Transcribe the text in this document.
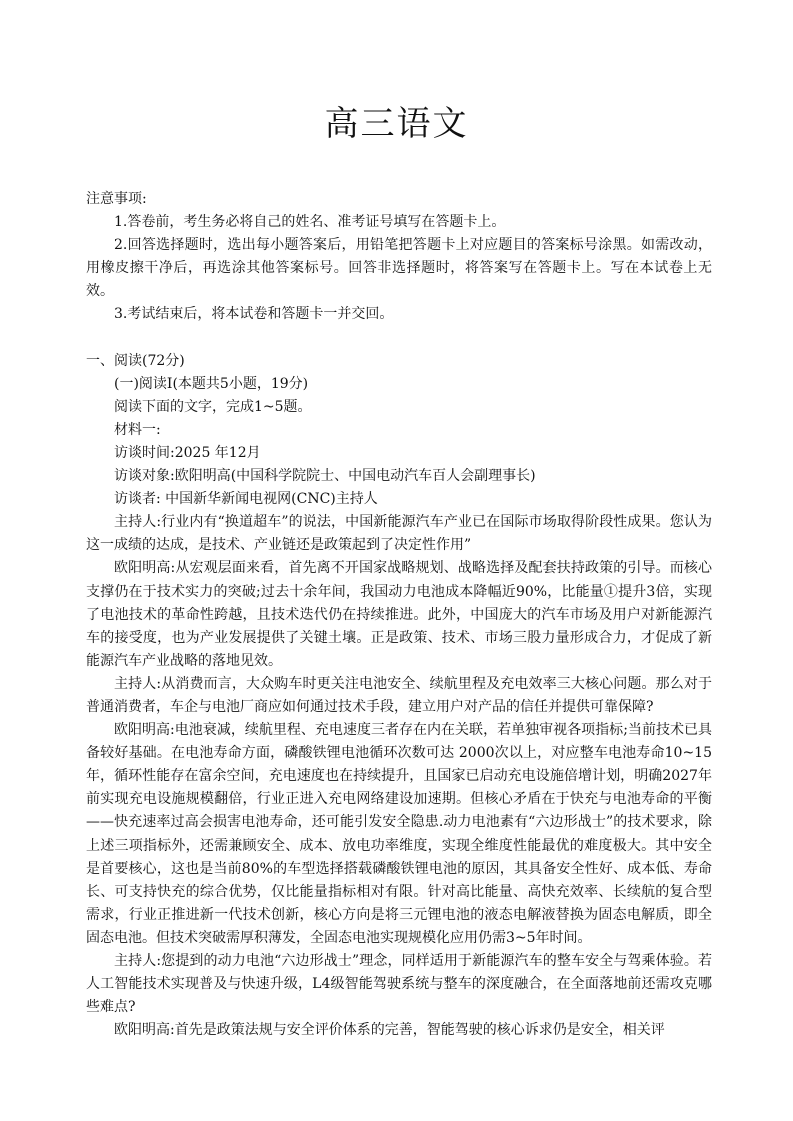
高三语文

注意事项:

1.答卷前，考生务必将自己的姓名、准考证号填写在答题卡上。

2.回答选择题时，选出每小题答案后，用铅笔把答题卡上对应题目的答案标号涂黑。如需改动，用橡皮擦干净后，再选涂其他答案标号。回答非选择题时，将答案写在答题卡上。写在本试卷上无效。

3.考试结束后，将本试卷和答题卡一并交回。

一、阅读(72分)

(一)阅读Ⅰ(本题共5小题，19分)

阅读下面的文字，完成1~5题。

材料一:

访谈时间:2025 年12月

访谈对象:欧阳明高(中国科学院院士、中国电动汽车百人会副理事长)

访谈者: 中国新华新闻电视网(CNC)主持人

主持人:行业内有“换道超车”的说法，中国新能源汽车产业已在国际市场取得阶段性成果。您认为这一成绩的达成，是技术、产业链还是政策起到了决定性作用”

欧阳明高:从宏观层面来看，首先离不开国家战略规划、战略选择及配套扶持政策的引导。而核心支撑仍在于技术实力的突破;过去十余年间，我国动力电池成本降幅近90%，比能量①提升3倍，实现了电池技术的革命性跨越，且技术迭代仍在持续推进。此外，中国庞大的汽车市场及用户对新能源汽车的接受度，也为产业发展提供了关键土壤。正是政策、技术、市场三股力量形成合力，才促成了新能源汽车产业战略的落地见效。

主持人:从消费而言，大众购车时更关注电池安全、续航里程及充电效率三大核心问题。那么对于普通消费者，车企与电池厂商应如何通过技术手段，建立用户对产品的信任并提供可靠保障?

欧阳明高:电池衰减，续航里程、充电速度三者存在内在关联，若单独审视各项指标;当前技术已具备较好基础。在电池寿命方面，磷酸铁锂电池循环次数可达 2000次以上，对应整车电池寿命10~15年，循环性能存在富余空间，充电速度也在持续提升，且国家已启动充电设施倍增计划，明确2027年前实现充电设施规模翻倍，行业正进入充电网络建设加速期。但核心矛盾在于快充与电池寿命的平衡——快充速率过高会损害电池寿命，还可能引发安全隐患.动力电池素有“六边形战士”的技术要求，除上述三项指标外，还需兼顾安全、成本、放电功率维度，实现全维度性能最优的难度极大。其中安全是首要核心，这也是当前80%的车型选择搭载磷酸铁锂电池的原因，其具备安全性好、成本低、寿命长、可支持快充的综合优势，仅比能量指标相对有限。针对高比能量、高快充效率、长续航的复合型需求，行业正推进新一代技术创新，核心方向是将三元锂电池的液态电解液替换为固态电解质，即全固态电池。但技术突破需厚积薄发，全固态电池实现规模化应用仍需3~5年时间。

主持人:您提到的动力电池“六边形战士”理念，同样适用于新能源汽车的整车安全与驾乘体验。若人工智能技术实现普及与快速升级，L4级智能驾驶系统与整车的深度融合，在全面落地前还需攻克哪些难点?

欧阳明高:首先是政策法规与安全评价体系的完善，智能驾驶的核心诉求仍是安全，相关评
